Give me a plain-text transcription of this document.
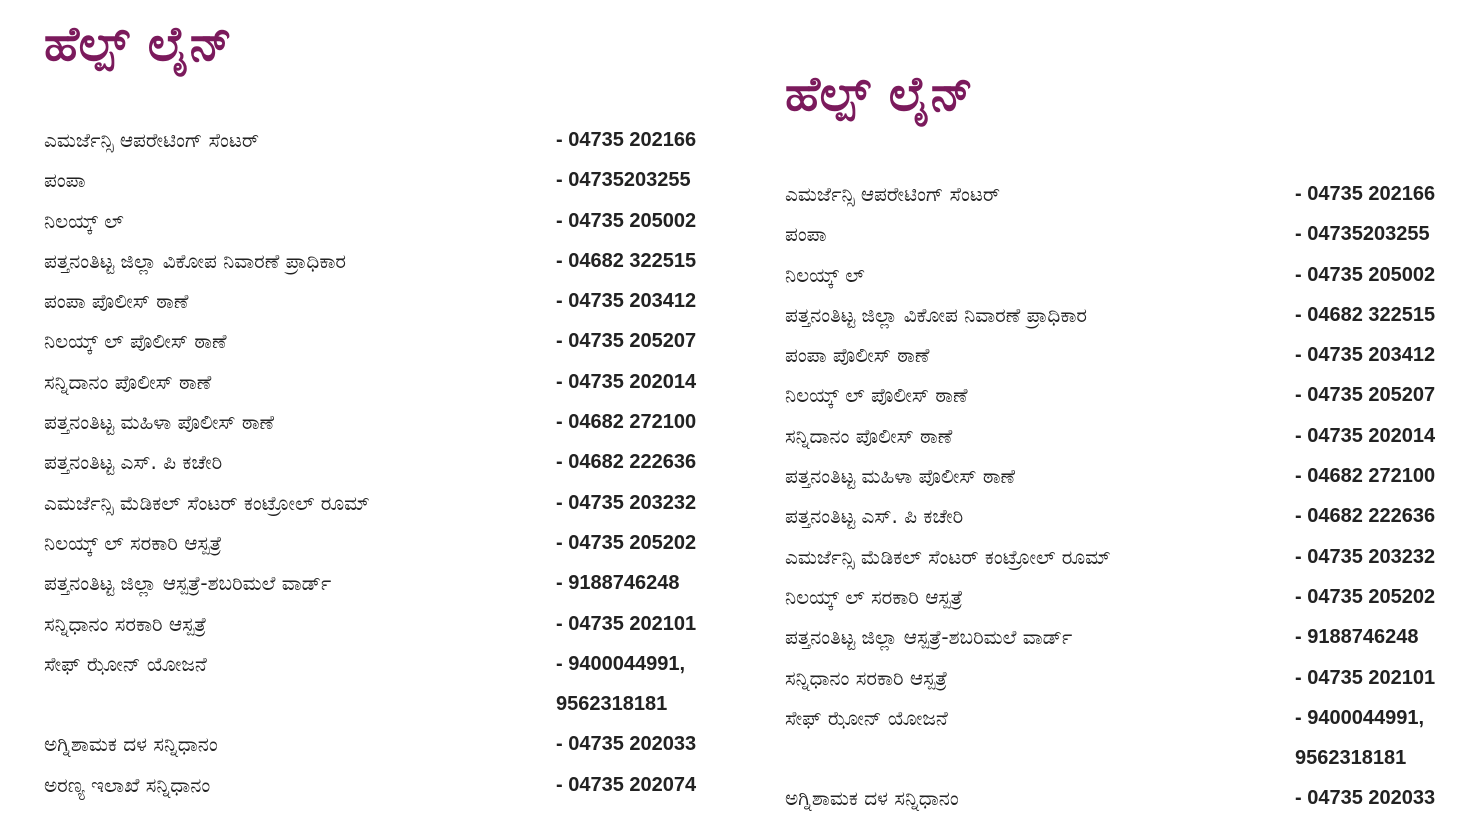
ಹೆಲ್ಪ್ ಲೈನ್
ಎಮರ್ಜೆನ್ಸಿ ಆಪರೇಟಿಂಗ್ ಸೆಂಟರ್	- 04735 202166
ಪಂಪಾ	- 04735203255
ನಿಲಯ್ಕ್ ಲ್	- 04735 205002
ಪತ್ತನಂತಿಟ್ಟ ಜಿಲ್ಲಾ ವಿಕೋಪ ನಿವಾರಣೆ ಪ್ರಾಧಿಕಾರ	- 04682 322515
ಪಂಪಾ ಪೊಲೀಸ್ ಠಾಣೆ	- 04735 203412
ನಿಲಯ್ಕ್ ಲ್ ಪೊಲೀಸ್ ಠಾಣೆ	- 04735 205207
ಸನ್ನಿದಾನಂ ಪೊಲೀಸ್ ಠಾಣೆ	- 04735 202014
ಪತ್ತನಂತಿಟ್ಟ ಮಹಿಳಾ ಪೊಲೀಸ್ ಠಾಣೆ	- 04682 272100
ಪತ್ತನಂತಿಟ್ಟ ಎಸ್. ಪಿ ಕಚೇರಿ	- 04682 222636
ಎಮರ್ಜೆನ್ಸಿ ಮೆಡಿಕಲ್ ಸೆಂಟರ್ ಕಂಟ್ರೋಲ್ ರೂಮ್	- 04735 203232
ನಿಲಯ್ಕ್ ಲ್ ಸರಕಾರಿ ಆಸ್ಪತ್ರೆ	- 04735 205202
ಪತ್ತನಂತಿಟ್ಟ ಜಿಲ್ಲಾ ಆಸ್ಪತ್ರೆ-ಶಬರಿಮಲೆ ವಾರ್ಡ್	- 9188746248
ಸನ್ನಿಧಾನಂ ಸರಕಾರಿ ಆಸ್ಪತ್ರೆ	- 04735 202101
ಸೇಫ್ ಝೋನ್ ಯೋಜನೆ	- 9400044991,
9562318181
ಅಗ್ನಿಶಾಮಕ ದಳ ಸನ್ನಿಧಾನಂ	- 04735 202033
ಅರಣ್ಯ ಇಲಾಖೆ ಸನ್ನಿಧಾನಂ	- 04735 202074
ಹೆಲ್ಪ್ ಲೈನ್
ಎಮರ್ಜೆನ್ಸಿ ಆಪರೇಟಿಂಗ್ ಸೆಂಟರ್	- 04735 202166
ಪಂಪಾ	- 04735203255
ನಿಲಯ್ಕ್ ಲ್	- 04735 205002
ಪತ್ತನಂತಿಟ್ಟ ಜಿಲ್ಲಾ ವಿಕೋಪ ನಿವಾರಣೆ ಪ್ರಾಧಿಕಾರ	- 04682 322515
ಪಂಪಾ ಪೊಲೀಸ್ ಠಾಣೆ	- 04735 203412
ನಿಲಯ್ಕ್ ಲ್ ಪೊಲೀಸ್ ಠಾಣೆ	- 04735 205207
ಸನ್ನಿದಾನಂ ಪೊಲೀಸ್ ಠಾಣೆ	- 04735 202014
ಪತ್ತನಂತಿಟ್ಟ ಮಹಿಳಾ ಪೊಲೀಸ್ ಠಾಣೆ	- 04682 272100
ಪತ್ತನಂತಿಟ್ಟ ಎಸ್. ಪಿ ಕಚೇರಿ	- 04682 222636
ಎಮರ್ಜೆನ್ಸಿ ಮೆಡಿಕಲ್ ಸೆಂಟರ್ ಕಂಟ್ರೋಲ್ ರೂಮ್	- 04735 203232
ನಿಲಯ್ಕ್ ಲ್ ಸರಕಾರಿ ಆಸ್ಪತ್ರೆ	- 04735 205202
ಪತ್ತನಂತಿಟ್ಟ ಜಿಲ್ಲಾ ಆಸ್ಪತ್ರೆ-ಶಬರಿಮಲೆ ವಾರ್ಡ್	- 9188746248
ಸನ್ನಿಧಾನಂ ಸರಕಾರಿ ಆಸ್ಪತ್ರೆ	- 04735 202101
ಸೇಫ್ ಝೋನ್ ಯೋಜನೆ	- 9400044991,
9562318181
ಅಗ್ನಿಶಾಮಕ ದಳ ಸನ್ನಿಧಾನಂ	- 04735 202033
